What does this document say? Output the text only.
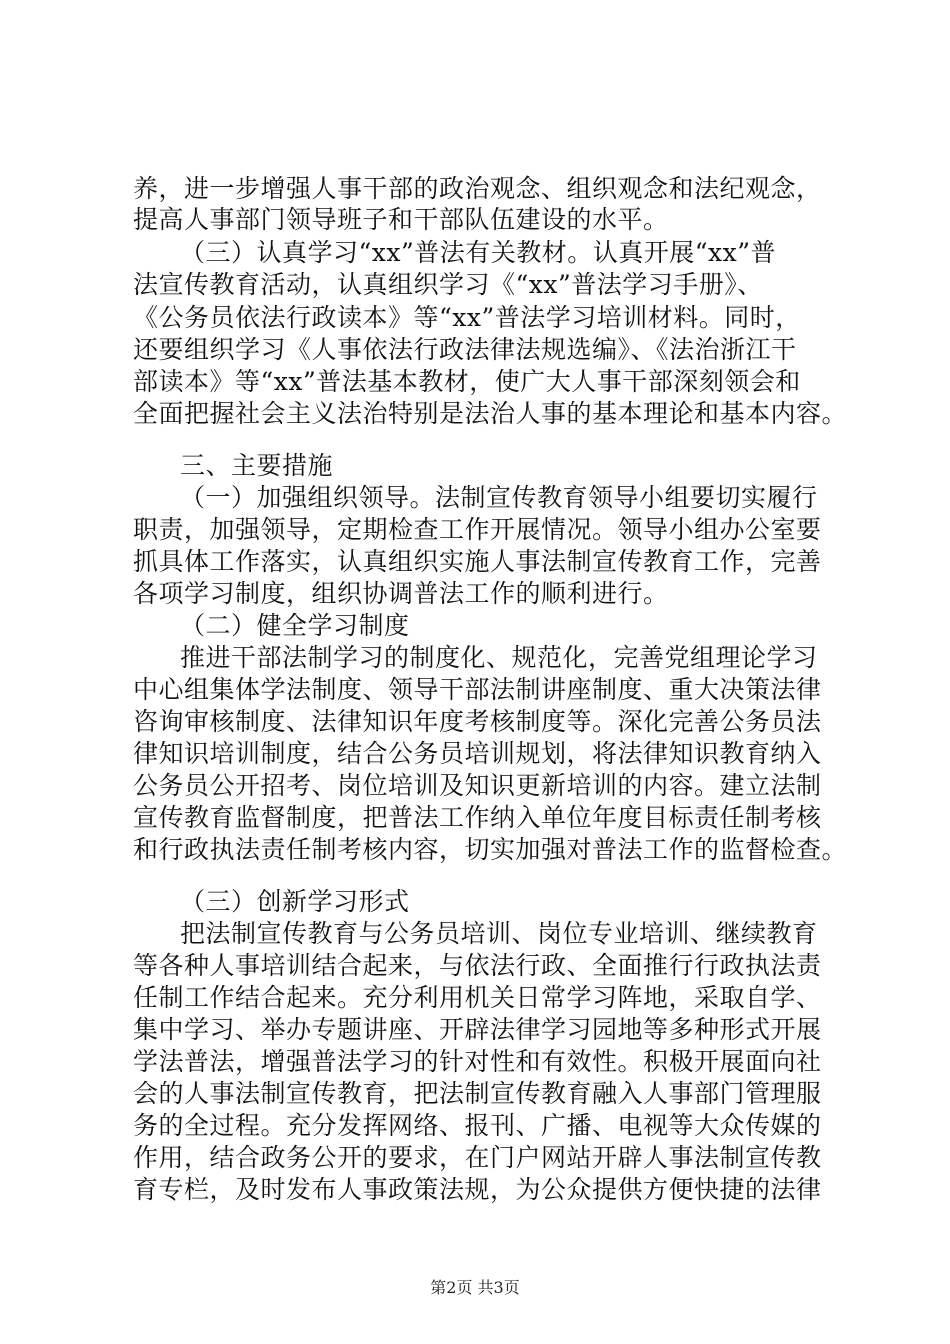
养，进一步增强人事干部的政治观念、组织观念和法纪观念，
提高人事部门领导班子和干部队伍建设的水平。
（三）认真学习“xx”普法有关教材。认真开展“xx”普
法宣传教育活动，认真组织学习《“xx”普法学习手册》、
《公务员依法行政读本》等“xx”普法学习培训材料。同时，
还要组织学习《人事依法行政法律法规选编》、《法治浙江干
部读本》等“xx”普法基本教材，使广大人事干部深刻领会和
全面把握社会主义法治特别是法治人事的基本理论和基本内容。
三、主要措施
（一）加强组织领导。法制宣传教育领导小组要切实履行
职责，加强领导，定期检查工作开展情况。领导小组办公室要
抓具体工作落实，认真组织实施人事法制宣传教育工作，完善
各项学习制度，组织协调普法工作的顺利进行。
（二）健全学习制度
推进干部法制学习的制度化、规范化，完善党组理论学习
中心组集体学法制度、领导干部法制讲座制度、重大决策法律
咨询审核制度、法律知识年度考核制度等。深化完善公务员法
律知识培训制度，结合公务员培训规划，将法律知识教育纳入
公务员公开招考、岗位培训及知识更新培训的内容。建立法制
宣传教育监督制度，把普法工作纳入单位年度目标责任制考核
和行政执法责任制考核内容，切实加强对普法工作的监督检查。
（三）创新学习形式
把法制宣传教育与公务员培训、岗位专业培训、继续教育
等各种人事培训结合起来，与依法行政、全面推行行政执法责
任制工作结合起来。充分利用机关日常学习阵地，采取自学、
集中学习、举办专题讲座、开辟法律学习园地等多种形式开展
学法普法，增强普法学习的针对性和有效性。积极开展面向社
会的人事法制宣传教育，把法制宣传教育融入人事部门管理服
务的全过程。充分发挥网络、报刊、广播、电视等大众传媒的
作用，结合政务公开的要求，在门户网站开辟人事法制宣传教
育专栏，及时发布人事政策法规，为公众提供方便快捷的法律
第2页 共3页
